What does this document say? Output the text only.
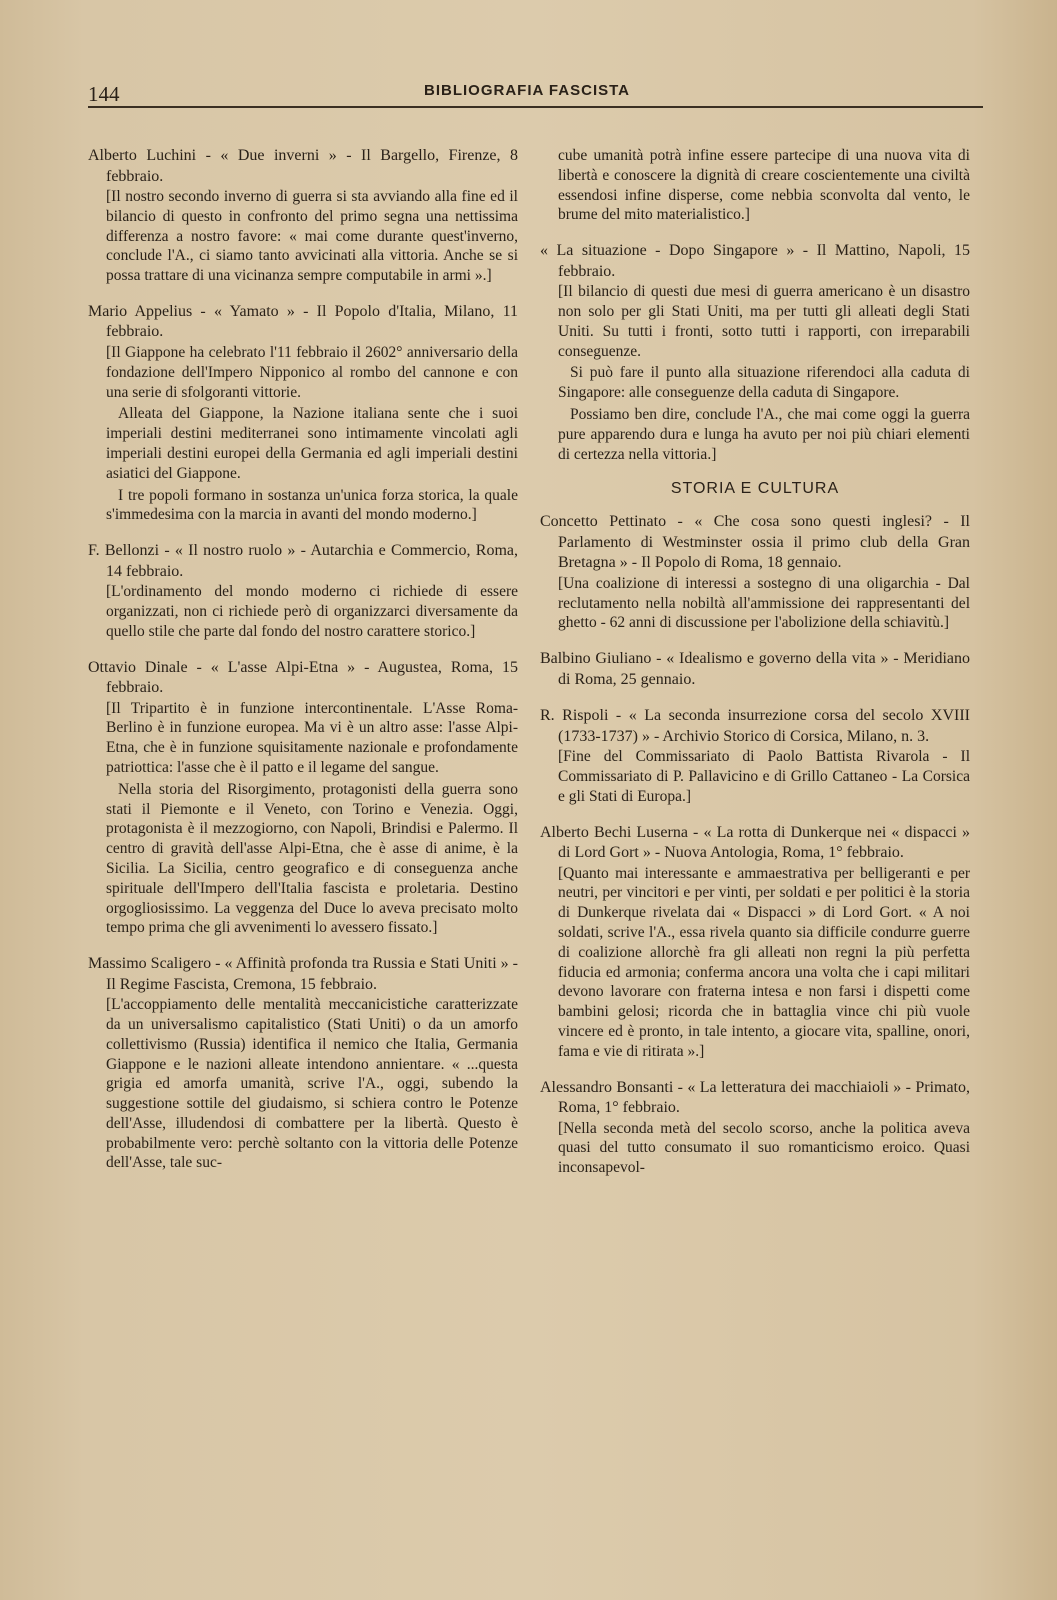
144	BIBLIOGRAFIA FASCISTA
Alberto Luchini - « Due inverni » - Il Bargello, Firenze, 8 febbraio.

[Il nostro secondo inverno di guerra si sta avviando alla fine ed il bilancio di questo in confronto del primo segna una nettissima differenza a nostro favore: « mai come durante quest'inverno, conclude l'A., ci siamo tanto avvicinati alla vittoria. Anche se si possa trattare di una vicinanza sempre computabile in armi ».]

Mario Appelius - « Yamato » - Il Popolo d'Italia, Milano, 11 febbraio.

[Il Giappone ha celebrato l'11 febbraio il 2602° anniversario della fondazione dell'Impero Nipponico al rombo del cannone e con una serie di sfolgoranti vittorie.

Alleata del Giappone, la Nazione italiana sente che i suoi imperiali destini mediterranei sono intimamente vincolati agli imperiali destini europei della Germania ed agli imperiali destini asiatici del Giappone.

I tre popoli formano in sostanza un'unica forza storica, la quale s'immedesima con la marcia in avanti del mondo moderno.]

F. Bellonzi - « Il nostro ruolo » - Autarchia e Commercio, Roma, 14 febbraio.

[L'ordinamento del mondo moderno ci richiede di essere organizzati, non ci richiede però di organizzarci diversamente da quello stile che parte dal fondo del nostro carattere storico.]

Ottavio Dinale - « L'asse Alpi-Etna » - Augustea, Roma, 15 febbraio.

[Il Tripartito è in funzione intercontinentale. L'Asse Roma-Berlino è in funzione europea. Ma vi è un altro asse: l'asse Alpi-Etna, che è in funzione squisitamente nazionale e profondamente patriottica: l'asse che è il patto e il legame del sangue.

Nella storia del Risorgimento, protagonisti della guerra sono stati il Piemonte e il Veneto, con Torino e Venezia. Oggi, protagonista è il mezzogiorno, con Napoli, Brindisi e Palermo. Il centro di gravità dell'asse Alpi-Etna, che è asse di anime, è la Sicilia. La Sicilia, centro geografico e di conseguenza anche spirituale dell'Impero dell'Italia fascista e proletaria. Destino orgogliosissimo. La veggenza del Duce lo aveva precisato molto tempo prima che gli avvenimenti lo avessero fissato.]

Massimo Scaligero - « Affinità profonda tra Russia e Stati Uniti » - Il Regime Fascista, Cremona, 15 febbraio.

[L'accoppiamento delle mentalità meccanicistiche caratterizzate da un universalismo capitalistico (Stati Uniti) o da un amorfo collettivismo (Russia) identifica il nemico che Italia, Germania Giappone e le nazioni alleate intendono annientare. « ...questa grigia ed amorfa umanità, scrive l'A., oggi, subendo la suggestione sottile del giudaismo, si schiera contro le Potenze dell'Asse, illudendosi di combattere per la libertà. Questo è probabilmente vero: perchè soltanto con la vittoria delle Potenze dell'Asse, tale suc-

cube umanità potrà infine essere partecipe di una nuova vita di libertà e conoscere la dignità di creare coscientemente una civiltà essendosi infine disperse, come nebbia sconvolta dal vento, le brume del mito materialistico.]

« La situazione - Dopo Singapore » - Il Mattino, Napoli, 15 febbraio.

[Il bilancio di questi due mesi di guerra americano è un disastro non solo per gli Stati Uniti, ma per tutti gli alleati degli Stati Uniti. Su tutti i fronti, sotto tutti i rapporti, con irreparabili conseguenze.

Si può fare il punto alla situazione riferendoci alla caduta di Singapore: alle conseguenze della caduta di Singapore.

Possiamo ben dire, conclude l'A., che mai come oggi la guerra pure apparendo dura e lunga ha avuto per noi più chiari elementi di certezza nella vittoria.]

STORIA E CULTURA
Concetto Pettinato - « Che cosa sono questi inglesi? - Il Parlamento di Westminster ossia il primo club della Gran Bretagna » - Il Popolo di Roma, 18 gennaio.

[Una coalizione di interessi a sostegno di una oligarchia - Dal reclutamento nella nobiltà all'ammissione dei rappresentanti del ghetto - 62 anni di discussione per l'abolizione della schiavitù.]

Balbino Giuliano - « Idealismo e governo della vita » - Meridiano di Roma, 25 gennaio.
R. Rispoli - « La seconda insurrezione corsa del secolo XVIII (1733-1737) » - Archivio Storico di Corsica, Milano, n. 3.

[Fine del Commissariato di Paolo Battista Rivarola - Il Commissariato di P. Pallavicino e di Grillo Cattaneo - La Corsica e gli Stati di Europa.]

Alberto Bechi Luserna - « La rotta di Dunkerque nei « dispacci » di Lord Gort » - Nuova Antologia, Roma, 1° febbraio.

[Quanto mai interessante e ammaestrativa per belligeranti e per neutri, per vincitori e per vinti, per soldati e per politici è la storia di Dunkerque rivelata dai « Dispacci » di Lord Gort. « A noi soldati, scrive l'A., essa rivela quanto sia difficile condurre guerre di coalizione allorchè fra gli alleati non regni la più perfetta fiducia ed armonia; conferma ancora una volta che i capi militari devono lavorare con fraterna intesa e non farsi i dispetti come bambini gelosi; ricorda che in battaglia vince chi più vuole vincere ed è pronto, in tale intento, a giocare vita, spalline, onori, fama e vie di ritirata ».]

Alessandro Bonsanti - « La letteratura dei macchiaioli » - Primato, Roma, 1° febbraio.

[Nella seconda metà del secolo scorso, anche la politica aveva quasi del tutto consumato il suo romanticismo eroico. Quasi inconsapevol-
